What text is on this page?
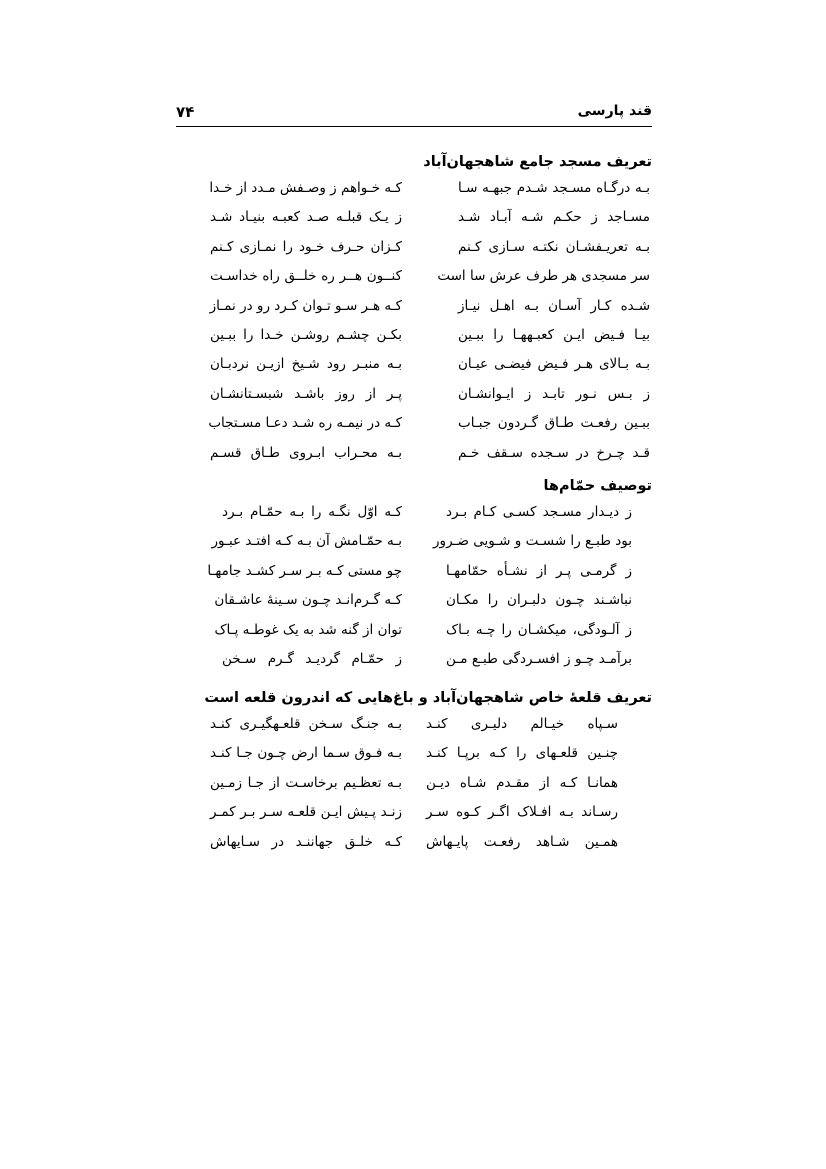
۷۴	قند پارسی
تعریف مسجد جامع شاهجهان‌آباد
بـه درگـاه مسـجد شـدم جبهـه سـا
کـه خـواهم ز وصـفش مـدد از خـدا
مسـاجد ز حکـم شـه آبـاد شـد
ز یـک قبلـه صـد کعبـه بنیـاد شـد
بـه تعریـفشـان نکتـه سـازی کـنم
کـزان حـرف خـود را نمـازی کـنم
سر مسجدی هر طرف عرش سا است
کنــون هــر ره خلــق راه خداسـت
شـده کـار آسـان بـه اهـل نیـاز
کـه هـر سـو تـوان کـرد رو در نمـاز
بیـا فـیض ایـن کعبـههـا را ببـین
بکـن چشـم روشـن خـدا را ببـین
بـه بـالای هـر فـیض فیضـی عیـان
بـه منبـر رود شـیخ ازیـن نردبـان
ز بـس نـور تابـد ز ایـوانشـان
پـر از روز باشـد شبسـتانشـان
ببـین رفعـت طـاق گـردون جبـاب
کـه در نیمـه ره شـد دعـا مسـتجاب
قـد چـرخ در سـجده سـقف خـم
بـه محـراب ابـروی طـاق قسـم
توصیف حمّام‌ها
ز دیـدار مسـجد کسـی کـام بـرد
کـه اوّل نگـه را بـه حمّـام بـرد
بود طبـع را شسـت و شـویی ضـرور
بـه حمّـامش آن بـه کـه افتـد عبـور
ز گرمـی پـر از نشـأه حمّامهـا
چو مستی کـه بـر سـر کشـد جامهـا
نباشـند چـون دلبـران را مکـان
کـه گـرم‌انـد چـون سـینهٔ عاشـقان
ز آلـودگی، میکشـان را چـه بـاک
توان از گنه شد به یک غوطـه پـاک
برآمـد چـو ز افسـردگی طبـع مـن
ز حمّـام گردیـد گـرم سـخن
تعریف قلعهٔ خاص شاهجهان‌آباد و باغ‌هایی که اندرون قلعه است
سـپاه خیـالم دلیـری کنـد
بـه جنـگ سـخن قلعـهگیـری کنـد
چنـین قلعـهای را کـه برپـا کنـد
بـه فـوق سـما ارض چـون جـا کنـد
همانـا کـه از مقـدم شـاه دیـن
بـه تعظـیم برخاسـت از جـا زمـین
رسـاند بـه افـلاک اگـر کـوه سـر
زنـد پـیش ایـن قلعـه سـر بـر کمـر
همـین شـاهد رفعـت پایـهاش
کـه خلـق جهاننـد در سـایهاش
